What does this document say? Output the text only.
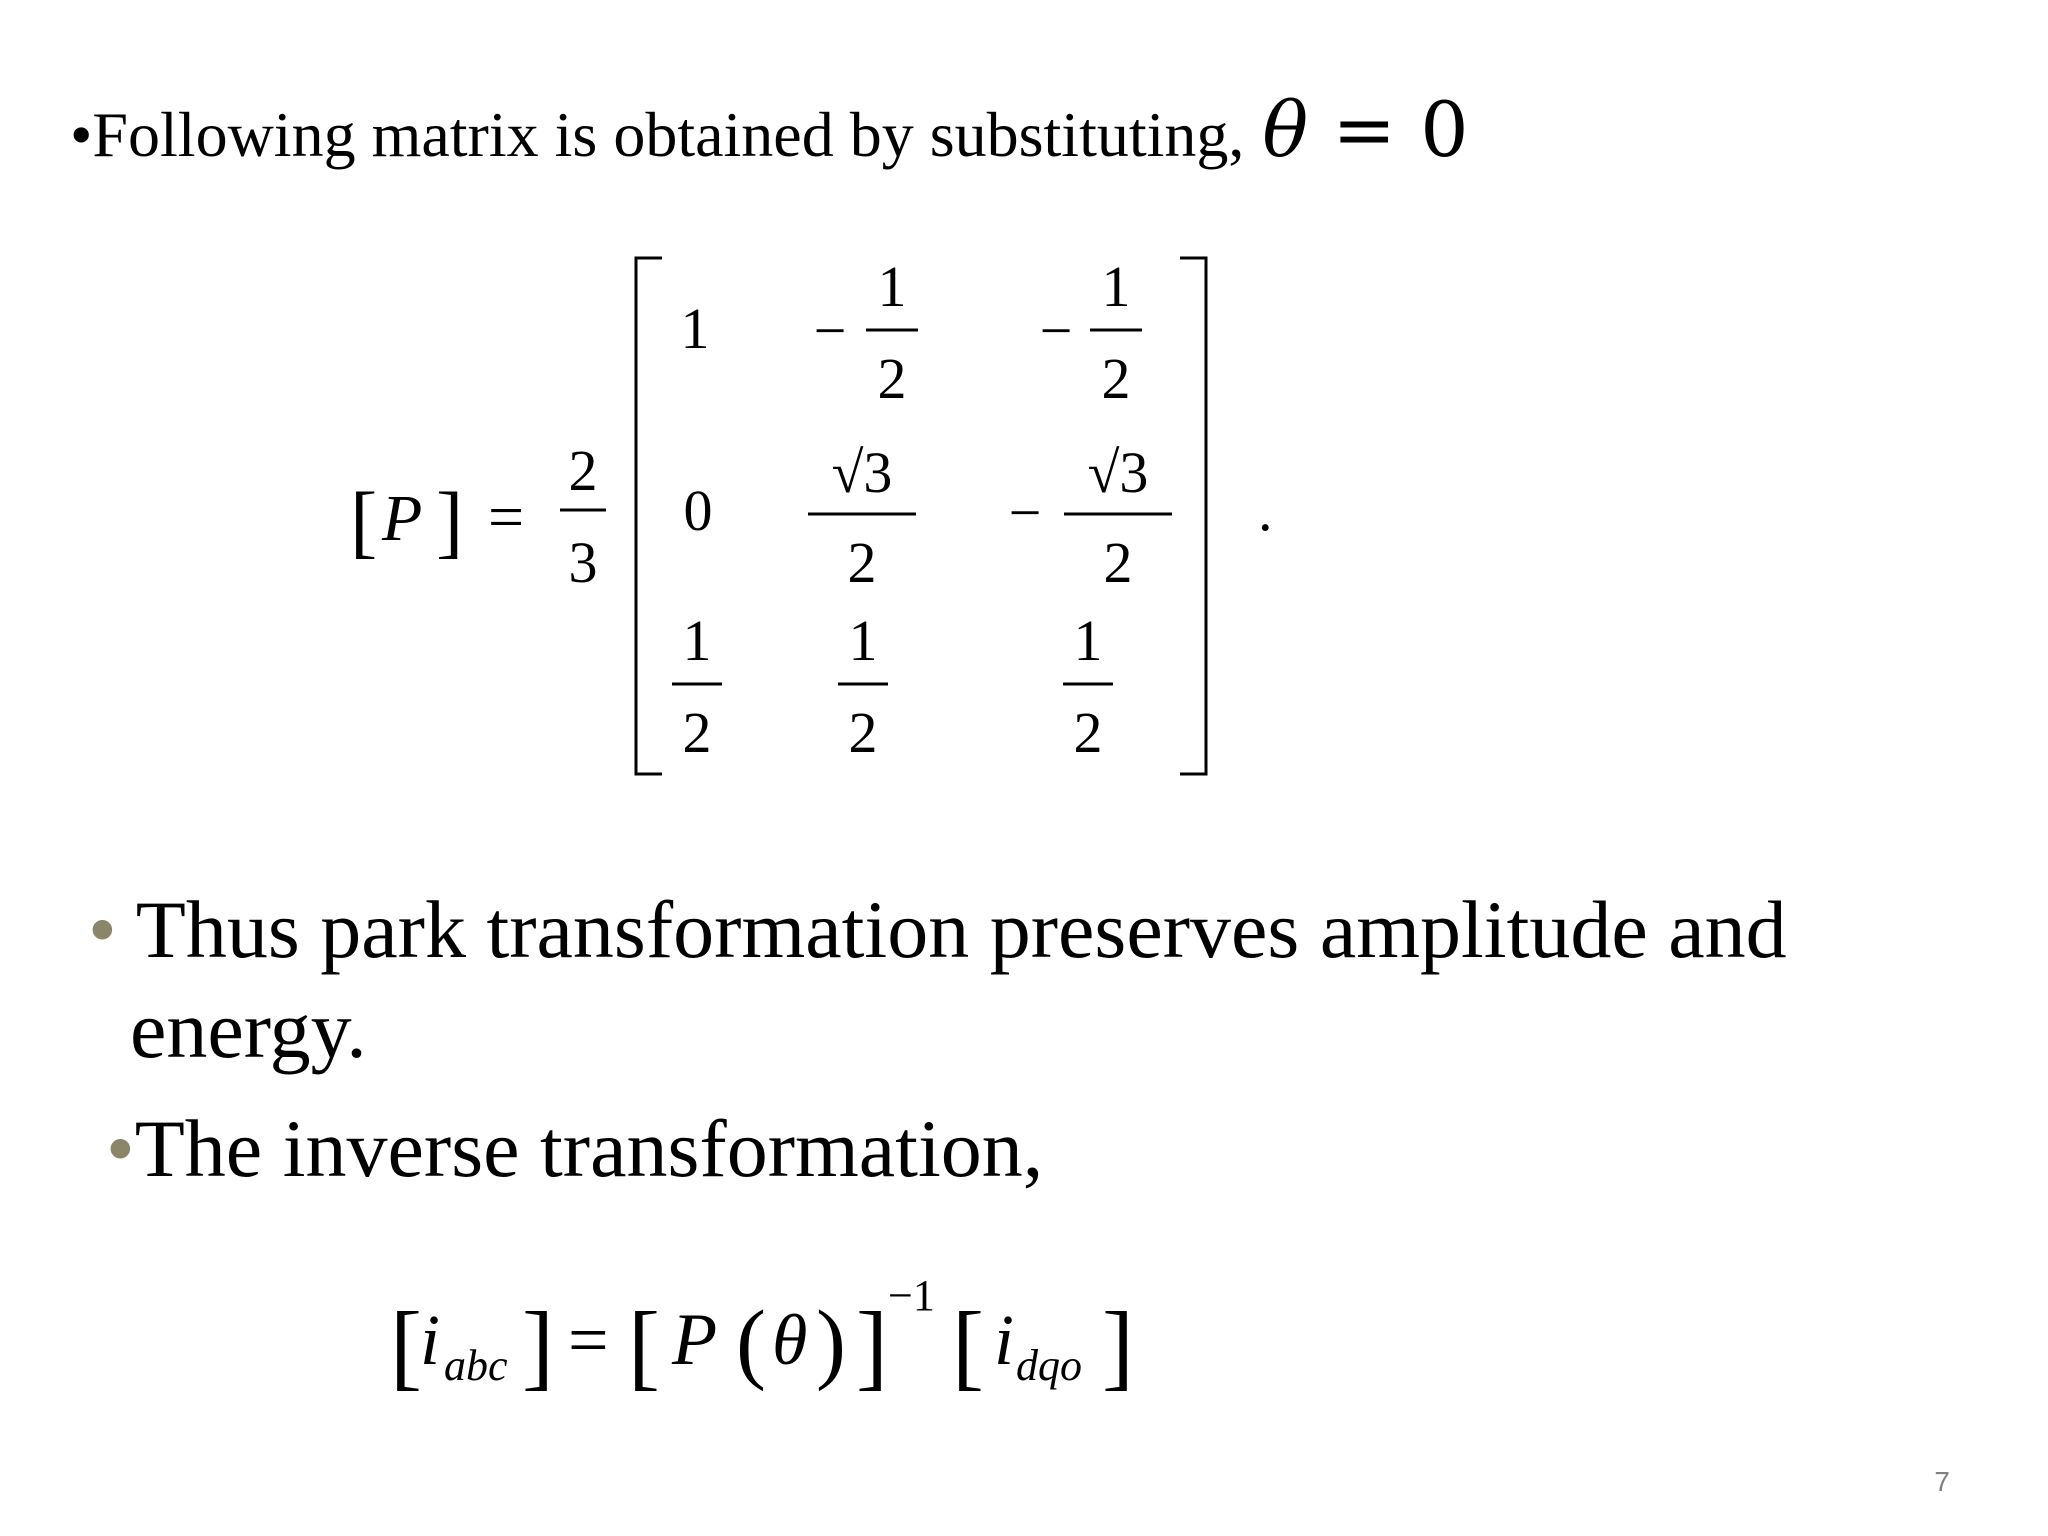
•Following matrix is obtained by substituting, θ = 0
[ P ] =
2
3
1 −
1
2
−
1
2
0
√3
2
−
√3
2
1
2
1
2
1
2
.
• Thus park transformation preserves amplitude and
energy.
•The inverse transformation,
[
i abc ] = [ P ( θ ) ] −1 [ i dqo ]
7
